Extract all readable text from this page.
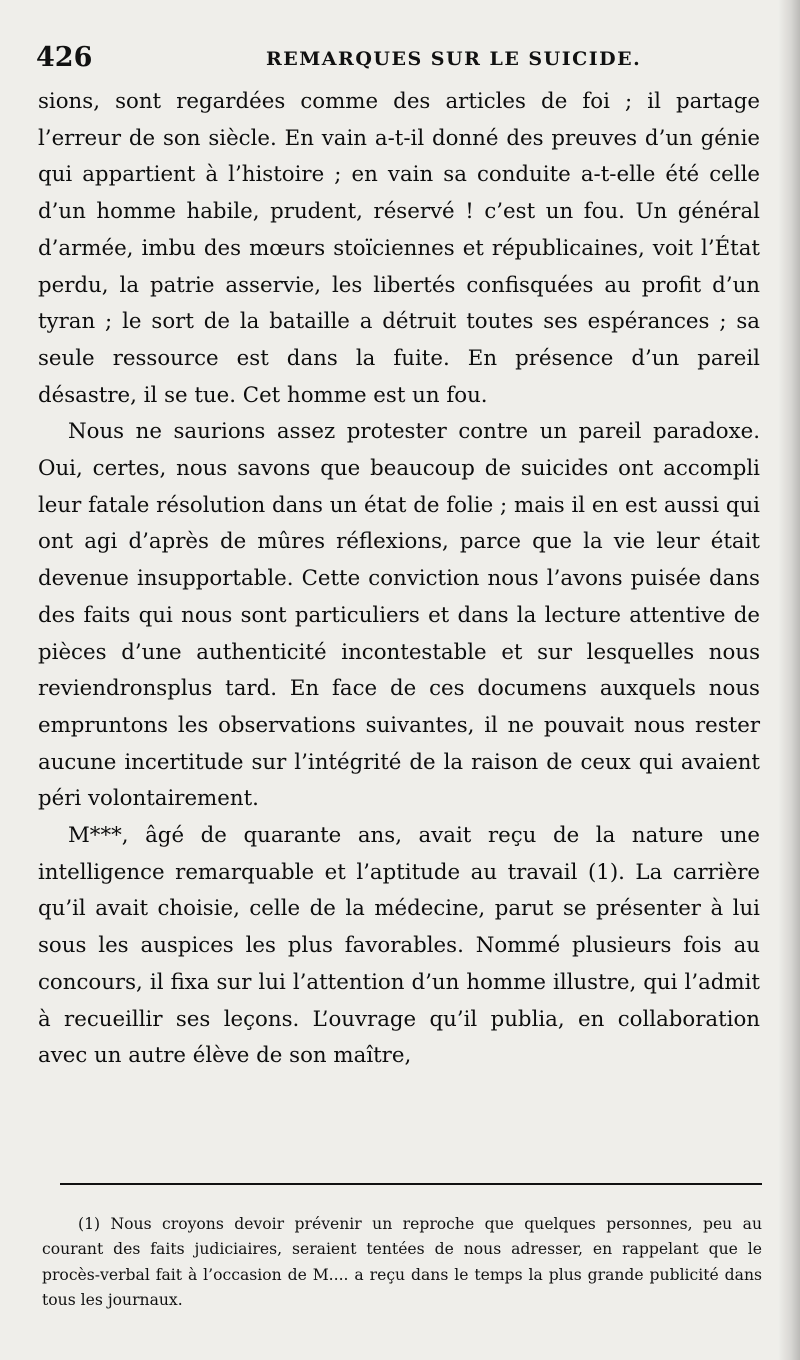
426	REMARQUES SUR LE SUICIDE.

sions, sont regardées comme des articles de foi ; il partage l’erreur de son siècle. En vain a-t-il donné des preuves d’un génie qui appartient à l’histoire ; en vain sa conduite a-t-elle été celle d’un homme habile, prudent, réservé ! c’est un fou. Un général d’armée, imbu des mœurs stoïciennes et républicaines, voit l’État perdu, la patrie asservie, les libertés confisquées au profit d’un tyran ; le sort de la bataille a détruit toutes ses espérances ; sa seule ressource est dans la fuite. En présence d’un pareil désastre, il se tue. Cet homme est un fou.

Nous ne saurions assez protester contre un pareil paradoxe. Oui, certes, nous savons que beaucoup de suicides ont accompli leur fatale résolution dans un état de folie ; mais il en est aussi qui ont agi d’après de mûres réflexions, parce que la vie leur était devenue insupportable. Cette conviction nous l’avons puisée dans des faits qui nous sont particuliers et dans la lecture attentive de pièces d’une authenticité incontestable et sur lesquelles nous reviendronsplus tard. En face de ces documens auxquels nous empruntons les observations suivantes, il ne pouvait nous rester aucune incertitude sur l’intégrité de la raison de ceux qui avaient péri volontairement.

M***, âgé de quarante ans, avait reçu de la nature une intelligence remarquable et l’aptitude au travail (1). La carrière qu’il avait choisie, celle de la médecine, parut se présenter à lui sous les auspices les plus favorables. Nommé plusieurs fois au concours, il fixa sur lui l’attention d’un homme illustre, qui l’admit à recueillir ses leçons. L’ouvrage qu’il publia, en collaboration avec un autre élève de son maître,

(1) Nous croyons devoir prévenir un reproche que quelques personnes, peu au courant des faits judiciaires, seraient tentées de nous adresser, en rappelant que le procès-verbal fait à l’occasion de M.... a reçu dans le temps la plus grande publicité dans tous les journaux.
